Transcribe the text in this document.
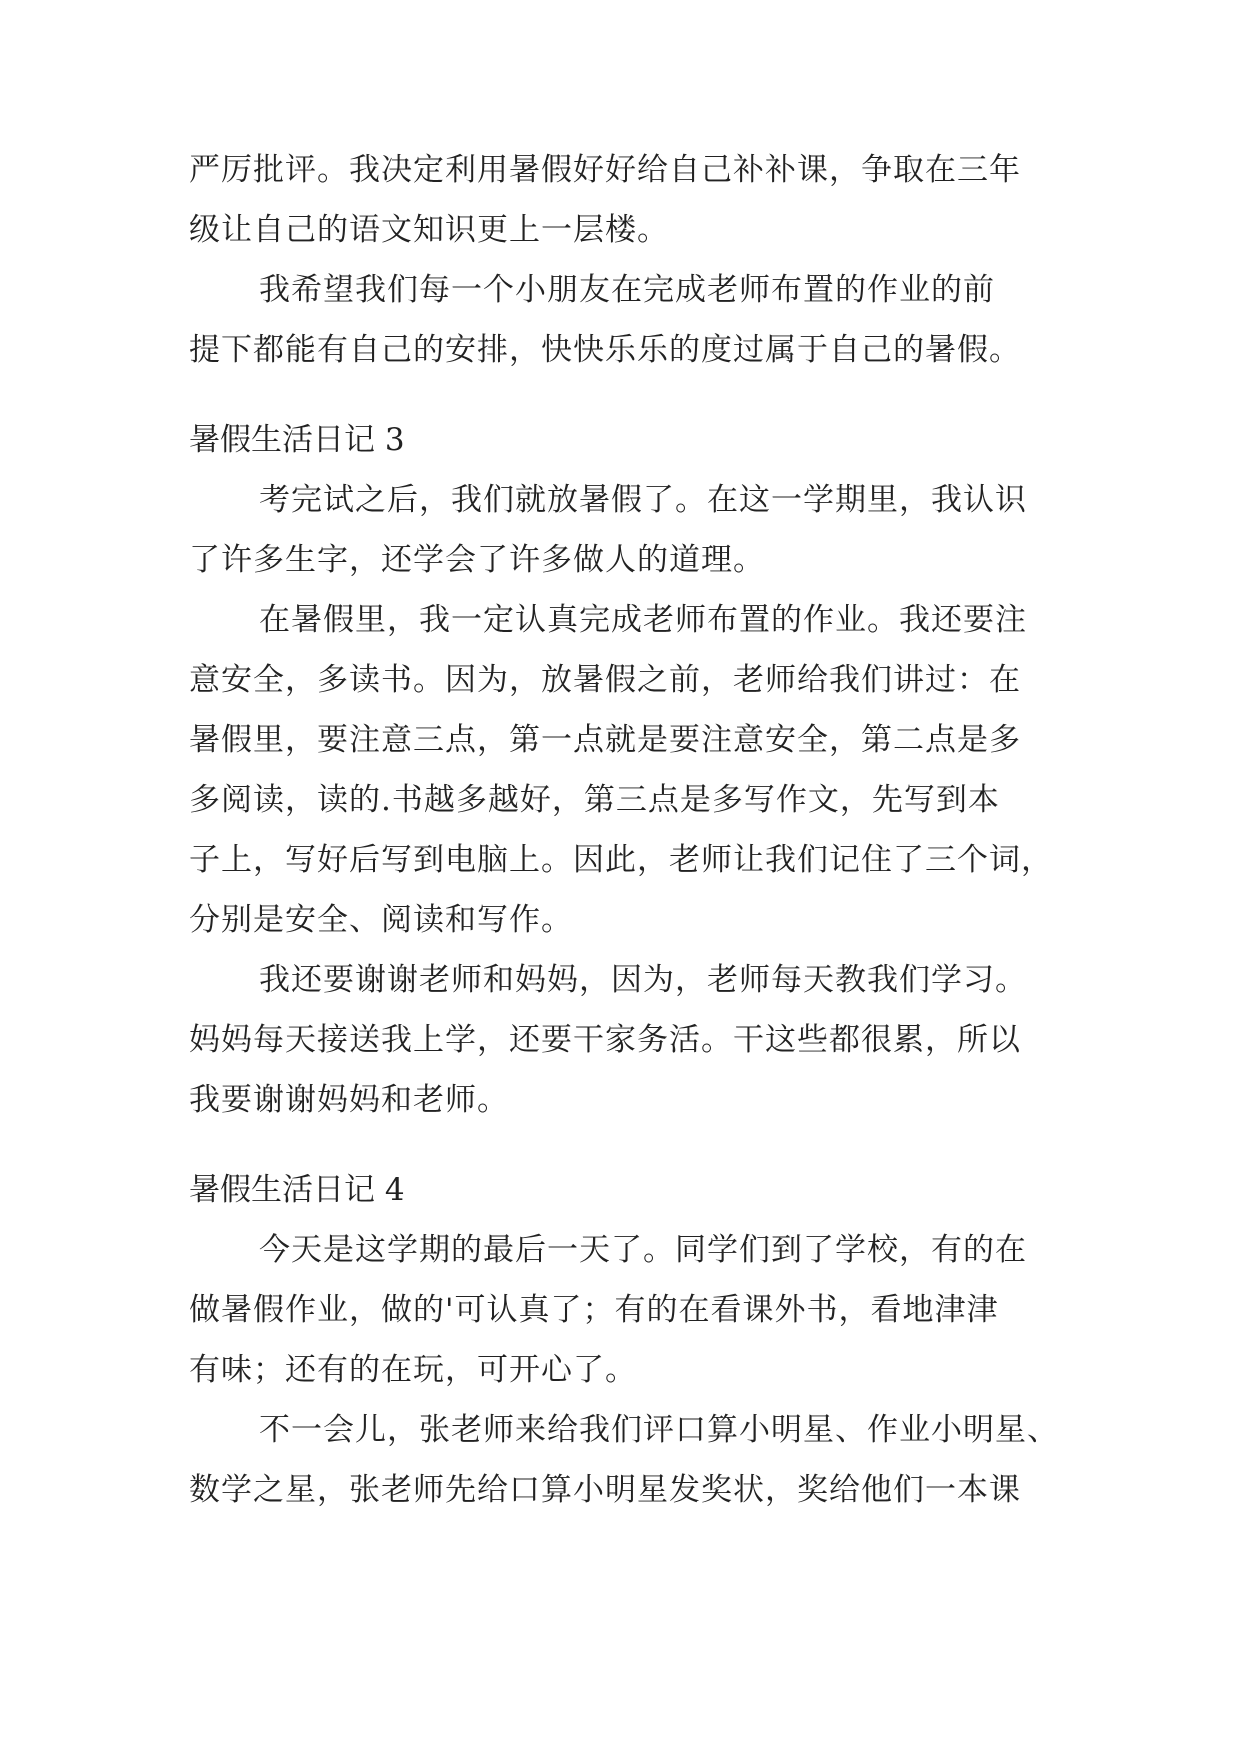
严厉批评。我决定利用暑假好好给自己补补课，争取在三年
级让自己的语文知识更上一层楼。
我希望我们每一个小朋友在完成老师布置的作业的前
提下都能有自己的安排，快快乐乐的度过属于自己的暑假。
暑假生活日记 3
考完试之后，我们就放暑假了。在这一学期里，我认识
了许多生字，还学会了许多做人的道理。
在暑假里，我一定认真完成老师布置的作业。我还要注
意安全，多读书。因为，放暑假之前，老师给我们讲过：在
暑假里，要注意三点，第一点就是要注意安全，第二点是多
多阅读，读的.书越多越好，第三点是多写作文，先写到本
子上，写好后写到电脑上。因此，老师让我们记住了三个词，
分别是安全、阅读和写作。
我还要谢谢老师和妈妈，因为，老师每天教我们学习。
妈妈每天接送我上学，还要干家务活。干这些都很累，所以
我要谢谢妈妈和老师。
暑假生活日记 4
今天是这学期的最后一天了。同学们到了学校，有的在
做暑假作业，做的'可认真了；有的在看课外书，看地津津
有味；还有的在玩，可开心了。
不一会儿，张老师来给我们评口算小明星、作业小明星、
数学之星，张老师先给口算小明星发奖状，奖给他们一本课
